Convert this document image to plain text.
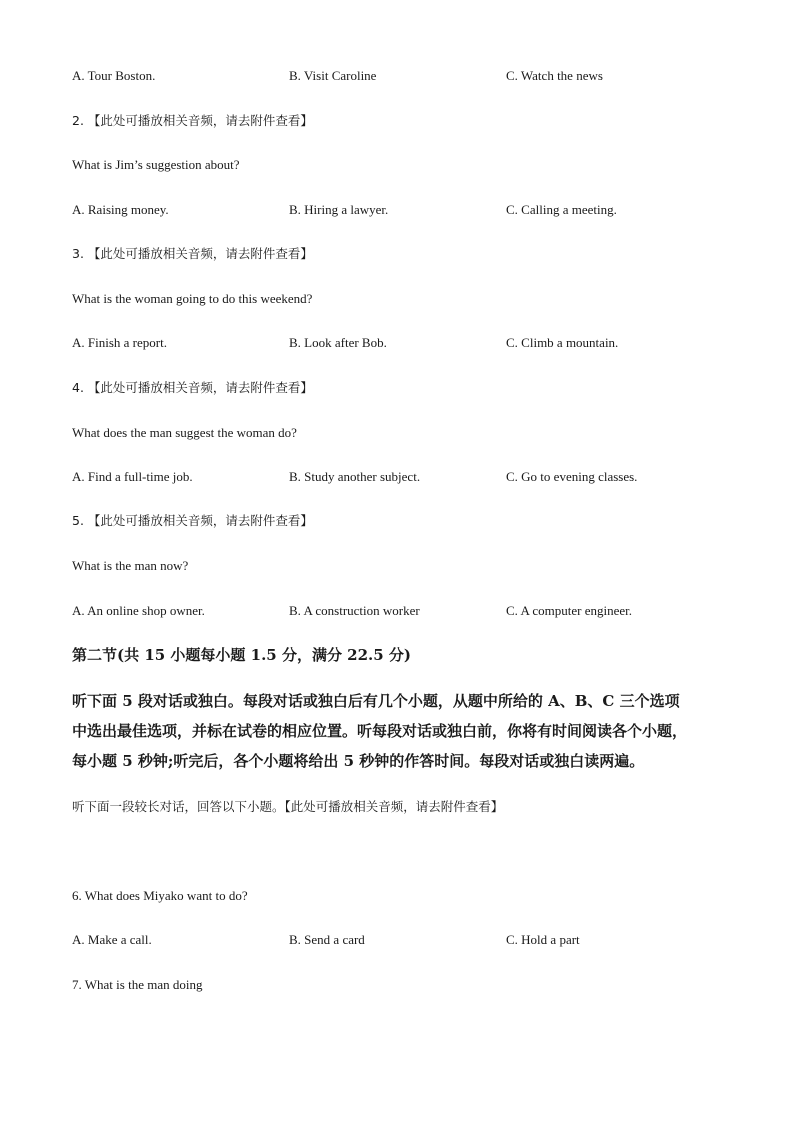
A. Tour Boston.	B. Visit Caroline	C. Watch the news
2. 【此处可播放相关音频，请去附件查看】
What is Jim’s suggestion about?
A. Raising money.	B. Hiring a lawyer.	C. Calling a meeting.
3. 【此处可播放相关音频，请去附件查看】
What is the woman going to do this weekend?
A. Finish a report.	B. Look after Bob.	C. Climb a mountain.
4. 【此处可播放相关音频，请去附件查看】
What does the man suggest the woman do?
A. Find a full-time job.	B. Study another subject.	C. Go to evening classes.
5. 【此处可播放相关音频，请去附件查看】
What is the man now?
A. An online shop owner.	B. A construction worker	C. A computer engineer.
第二节(共 15 小题每小题 1.5 分，满分 22.5 分)

听下面 5 段对话或独白。每段对话或独白后有几个小题，从题中所给的 A、B、C 三个选项

中选出最佳选项，并标在试卷的相应位置。听每段对话或独白前，你将有时间阅读各个小题，

每小题 5 秒钟;听完后，各个小题将给出 5 秒钟的作答时间。每段对话或独白读两遍。

听下面一段较长对话，回答以下小题。【此处可播放相关音频，请去附件查看】
6. What does Miyako want to do?
A. Make a call.	B. Send a card	C. Hold a part
7. What is the man doing
